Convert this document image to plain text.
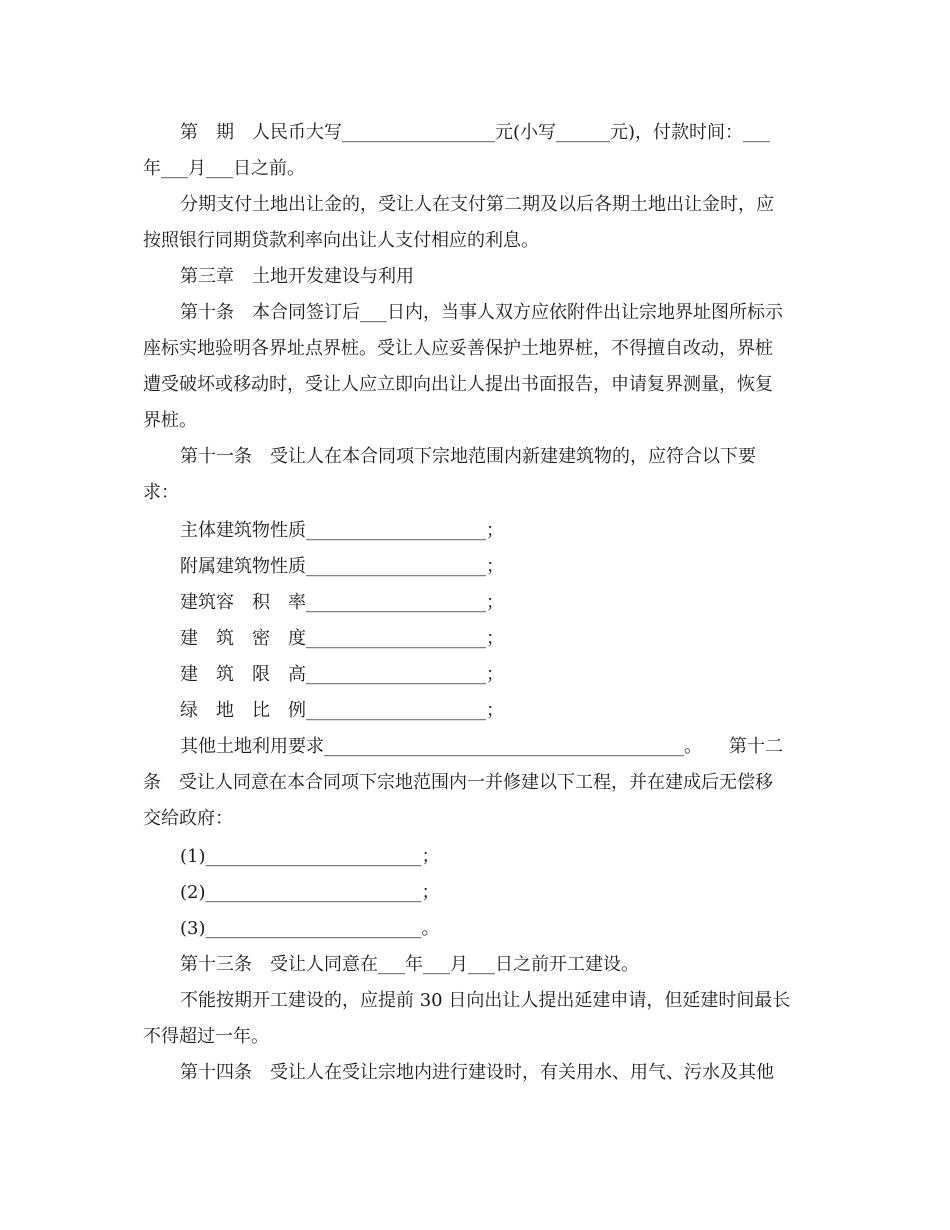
第　期　人民币大写_________________元(小写______元)，付款时间：___
年___月___日之前。
分期支付土地出让金的，受让人在支付第二期及以后各期土地出让金时，应
按照银行同期贷款利率向出让人支付相应的利息。
第三章　土地开发建设与利用
第十条　本合同签订后___日内，当事人双方应依附件出让宗地界址图所标示
座标实地验明各界址点界桩。受让人应妥善保护土地界桩，不得擅自改动，界桩
遭受破坏或移动时，受让人应立即向出让人提出书面报告，申请复界测量，恢复
界桩。
第十一条　受让人在本合同项下宗地范围内新建建筑物的，应符合以下要
求：
主体建筑物性质____________________；
附属建筑物性质____________________；
建筑容　积　率____________________；
建　筑　密　度____________________；
建　筑　限　高____________________；
绿　地　比　例____________________；
其他土地利用要求________________________________________。　　第十二
条　受让人同意在本合同项下宗地范围内一并修建以下工程，并在建成后无偿移
交给政府：
(1)________________________；
(2)________________________；
(3)________________________。
第十三条　受让人同意在___年___月___日之前开工建设。
不能按期开工建设的，应提前 30 日向出让人提出延建申请，但延建时间最长
不得超过一年。
第十四条　受让人在受让宗地内进行建设时，有关用水、用气、污水及其他
